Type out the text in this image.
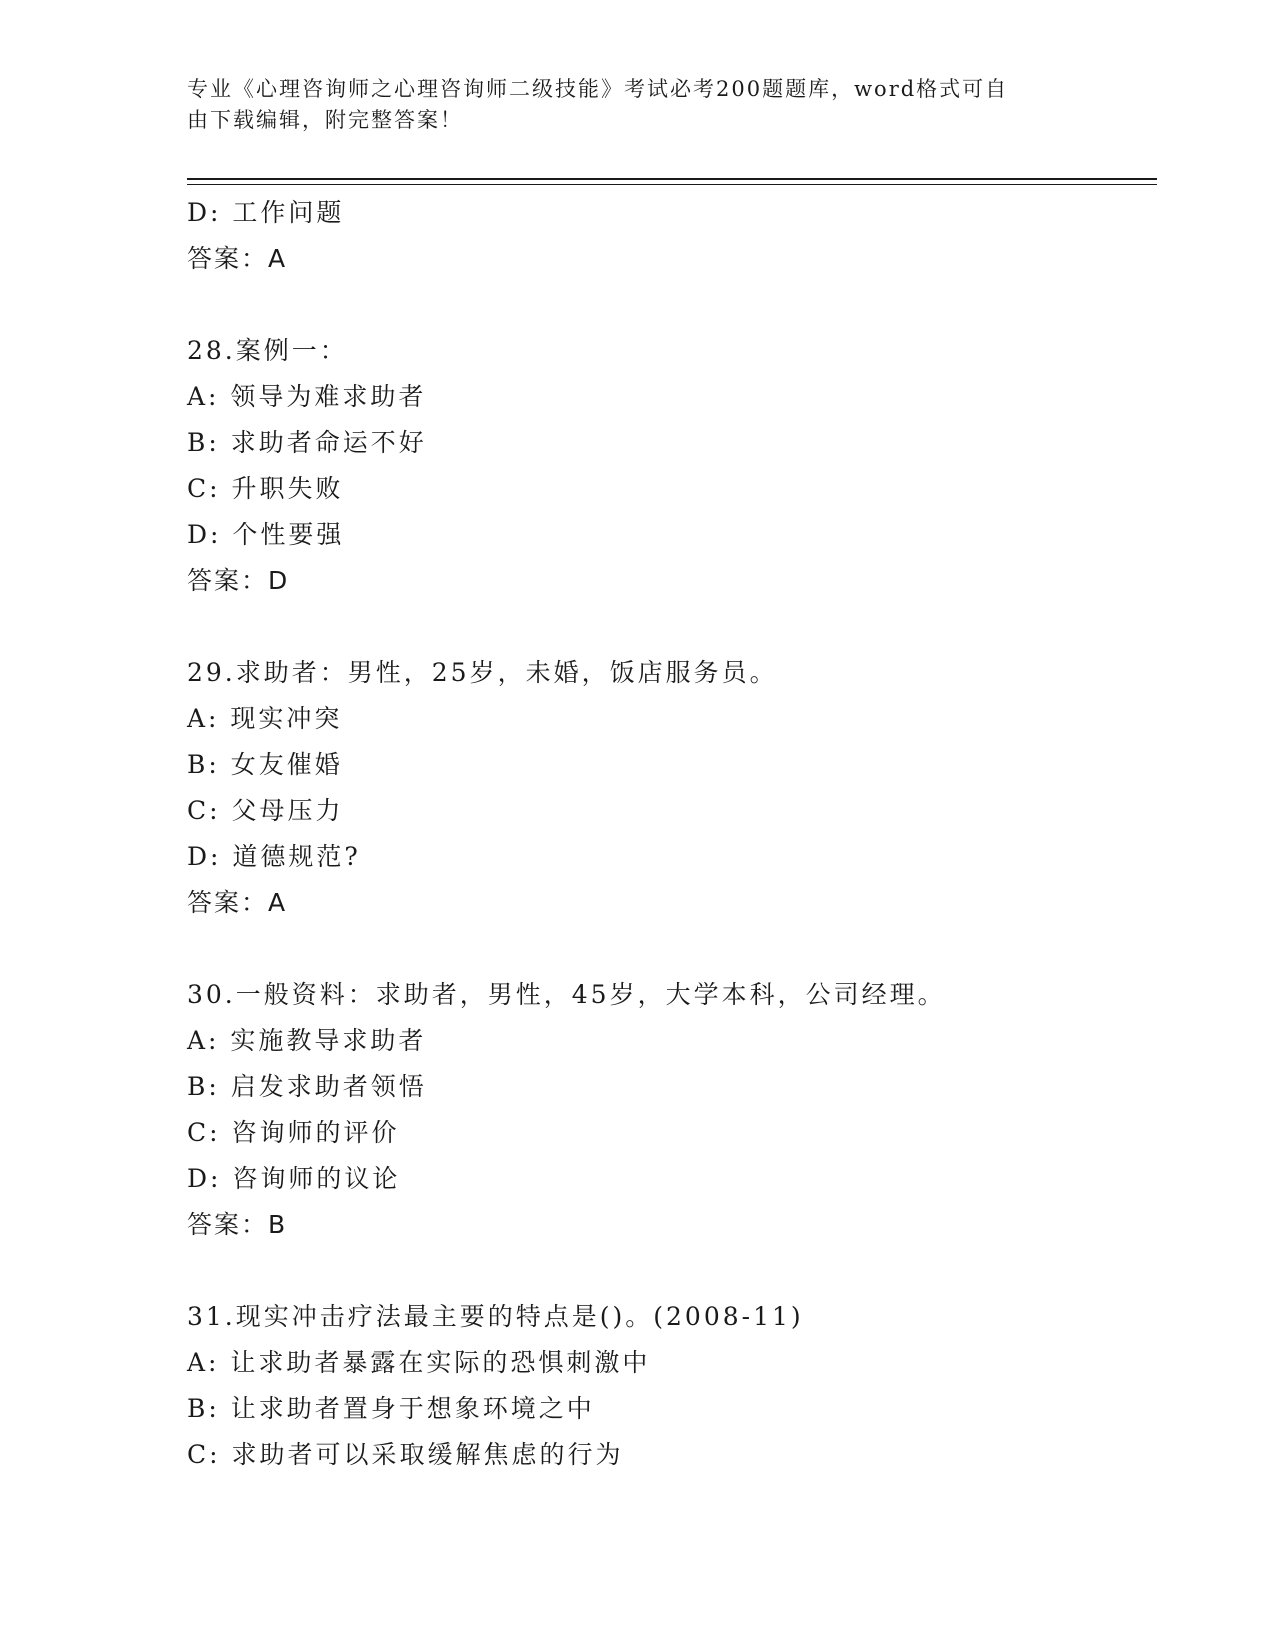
专业《心理咨询师之心理咨询师二级技能》考试必考200题题库，word格式可自
由下载编辑，附完整答案！
D: 工作问题
答案：A
28.案例一：
A: 领导为难求助者
B: 求助者命运不好
C: 升职失败
D: 个性要强
答案：D
29.求助者：男性，25岁，未婚，饭店服务员。
A: 现实冲突
B: 女友催婚
C: 父母压力
D: 道德规范?
答案：A
30.一般资料：求助者，男性，45岁，大学本科，公司经理。
A: 实施教导求助者
B: 启发求助者领悟
C: 咨询师的评价
D: 咨询师的议论
答案：B
31.现实冲击疗法最主要的特点是()。(2008-11)
A: 让求助者暴露在实际的恐惧刺激中
B: 让求助者置身于想象环境之中
C: 求助者可以采取缓解焦虑的行为
